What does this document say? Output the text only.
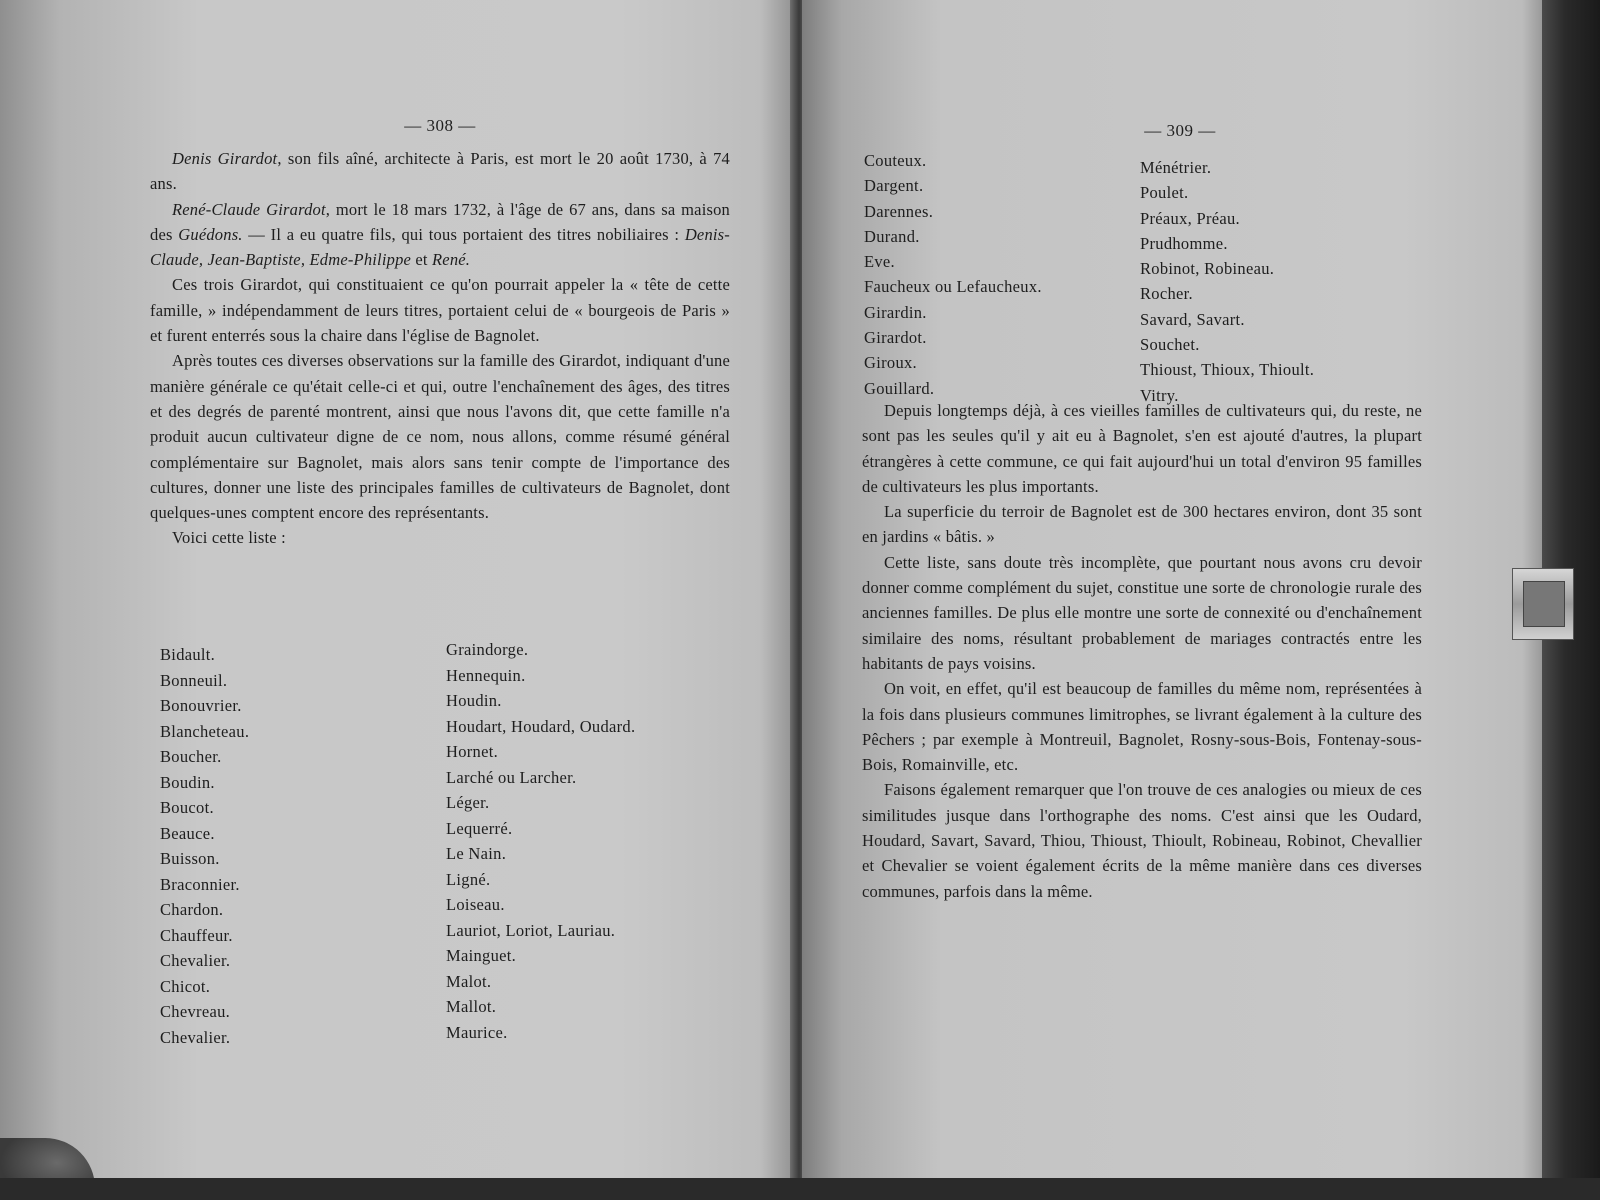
— 308 —

Denis Girardot, son fils aîné, architecte à Paris, est mort le 20 août 1730, à 74 ans.

René-Claude Girardot, mort le 18 mars 1732, à l'âge de 67 ans, dans sa maison des Guédons. — Il a eu quatre fils, qui tous portaient des titres nobiliaires : Denis-Claude, Jean-Baptiste, Edme-Philippe et René.

Ces trois Girardot, qui constituaient ce qu'on pourrait appeler la « tête de cette famille, » indépendamment de leurs titres, portaient celui de « bourgeois de Paris » et furent enterrés sous la chaire dans l'église de Bagnolet.

Après toutes ces diverses observations sur la famille des Girardot, indiquant d'une manière générale ce qu'était celle-ci et qui, outre l'enchaînement des âges, des titres et des degrés de parenté montrent, ainsi que nous l'avons dit, que cette famille n'a produit aucun cultivateur digne de ce nom, nous allons, comme résumé général complémentaire sur Bagnolet, mais alors sans tenir compte de l'importance des cultures, donner une liste des principales familles de cultivateurs de Bagnolet, dont quelques-unes comptent encore des représentants.

Voici cette liste :

Bidault.
Bonneuil.
Bonouvrier.
Blancheteau.
Boucher.
Boudin.
Boucot.
Beauce.
Buisson.
Braconnier.
Chardon.
Chauffeur.
Chevalier.
Chicot.
Chevreau.
Chevalier.
Graindorge.
Hennequin.
Houdin.
Houdart, Houdard, Oudard.
Hornet.
Larché ou Larcher.
Léger.
Lequerré.
Le Nain.
Ligné.
Loiseau.
Lauriot, Loriot, Lauriau.
Mainguet.
Malot.
Mallot.
Maurice.
— 309 —
Couteux.
Dargent.
Darennes.
Durand.
Eve.
Faucheux ou Lefaucheux.
Girardin.
Girardot.
Giroux.
Gouillard.
Ménétrier.
Poulet.
Préaux, Préau.
Prudhomme.
Robinot, Robineau.
Rocher.
Savard, Savart.
Souchet.
Thioust, Thioux, Thioult.
Vitry.

Depuis longtemps déjà, à ces vieilles familles de cultivateurs qui, du reste, ne sont pas les seules qu'il y ait eu à Bagnolet, s'en est ajouté d'autres, la plupart étrangères à cette commune, ce qui fait aujourd'hui un total d'environ 95 familles de cultivateurs les plus importants.

La superficie du terroir de Bagnolet est de 300 hectares environ, dont 35 sont en jardins « bâtis. »

Cette liste, sans doute très incomplète, que pourtant nous avons cru devoir donner comme complément du sujet, constitue une sorte de chronologie rurale des anciennes familles. De plus elle montre une sorte de connexité ou d'enchaînement similaire des noms, résultant probablement de mariages contractés entre les habitants de pays voisins.

On voit, en effet, qu'il est beaucoup de familles du même nom, représentées à la fois dans plusieurs communes limitrophes, se livrant également à la culture des Pêchers ; par exemple à Montreuil, Bagnolet, Rosny-sous-Bois, Fontenay-sous-Bois, Romainville, etc.

Faisons également remarquer que l'on trouve de ces analogies ou mieux de ces similitudes jusque dans l'orthographe des noms. C'est ainsi que les Oudard, Houdard, Savart, Savard, Thiou, Thioust, Thioult, Robineau, Robinot, Chevallier et Chevalier se voient également écrits de la même manière dans ces diverses communes, parfois dans la même.
